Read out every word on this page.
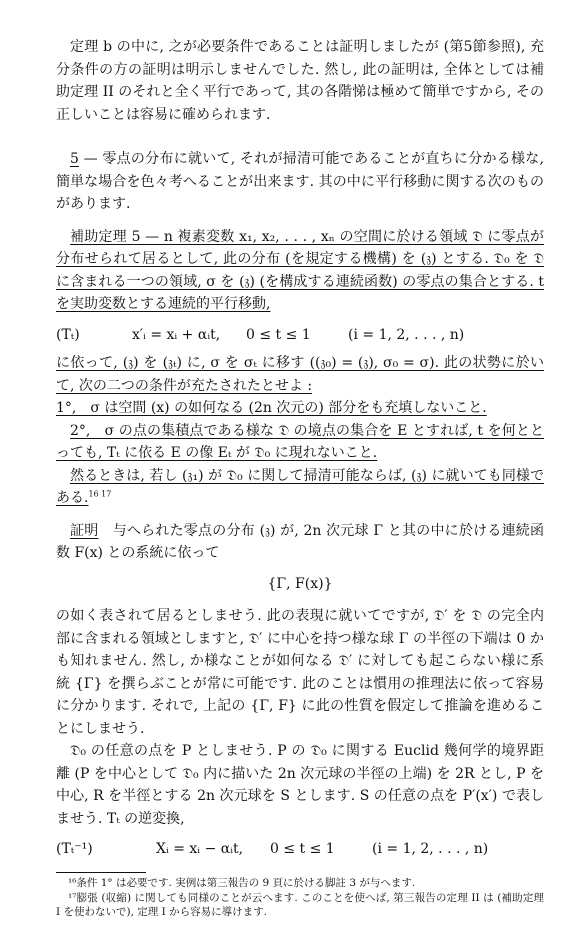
定理 b の中に, 之が必要条件であることは証明しましたが (第5節参照), 充分条件の方の証明は明示しませんでした. 然し, 此の証明は, 全体としては補助定理 II のそれと全く平行であって, 其の各階悌は極めて簡単ですから, その正しいことは容易に確められます.

5 — 零点の分布に就いて, それが掃清可能であることが直ちに分かる様な, 簡単な場合を色々考へることが出来ます. 其の中に平行移動に関する次のものがあります.

補助定理 5 — n 複素変数 x₁, x₂, . . . , xₙ の空間に於ける領域 𝔇 に零点が分布せられて居るとして, 此の分布 (を規定する機構) を (𝔷) とする. 𝔇₀ を 𝔇 に含まれる一つの領域, σ を (𝔷) (を構成する連続函数) の零点の集合とする. t を実助変数とする連続的平行移動,

(Tₜ)	x′ᵢ = xᵢ + αᵢt, 0 ≤ t ≤ 1	(i = 1, 2, . . . , n)

に依って, (𝔷) を (𝔷ₜ) に, σ を σₜ に移す ((𝔷₀) = (𝔷), σ₀ = σ). 此の状勢に於いて, 次の二つの条件が充たされたとせよ :

1°,　σ は空間 (x) の如何なる (2n 次元の) 部分をも充填しないこと.

2°,　σ の点の集積点である様な 𝔇 の境点の集合を E とすれば, t を何ととっても, Tₜ に依る E の像 Eₜ が 𝔇₀ に現れないこと.

然るときは, 若し (𝔷₁) が 𝔇₀ に関して掃清可能ならば, (𝔷) に就いても同様である.$^{16 17}$

証明　 与へられた零点の分布 (𝔷) が, 2n 次元球 Γ と其の中に於ける連続函数 F(x) との系統に依って

{Γ, F(x)}

の如く表されて居るとしませう. 此の表現に就いてですが, 𝔇′ を 𝔇 の完全内部に含まれる領域としますと, 𝔇′ に中心を持つ様な球 Γ の半徑の下端は 0 かも知れません. 然し, か様なことが如何なる 𝔇′ に対しても起こらない様に系統 {Γ} を撰らぶことが常に可能です. 此のことは慣用の推理法に依って容易に分かります. それで, 上記の {Γ, F} に此の性質を假定して推論を進めることにしませう.

𝔇₀ の任意の点を P としませう. P の 𝔇₀ に関する Euclid 幾何学的境界距離 (P を中心として 𝔇₀ 内に描いた 2n 次元球の半徑の上端) を 2R とし, P を中心, R を半徑とする 2n 次元球を S とします. S の任意の点を P′(x′) で表しませう. Tₜ の逆変換,

(Tₜ⁻¹)	Xᵢ = xᵢ − αᵢt, 0 ≤ t ≤ 1	(i = 1, 2, . . . , n)

¹⁶条件 1° は必要です. 実例は第三報告の 9 頁に於ける脚註 3 が与へます.

¹⁷膨張 (収縮) に関しても同様のことが云へます. このことを使へば, 第三報告の定理 II は (補助定理 I を使わないで), 定理 I から容易に導けます.
